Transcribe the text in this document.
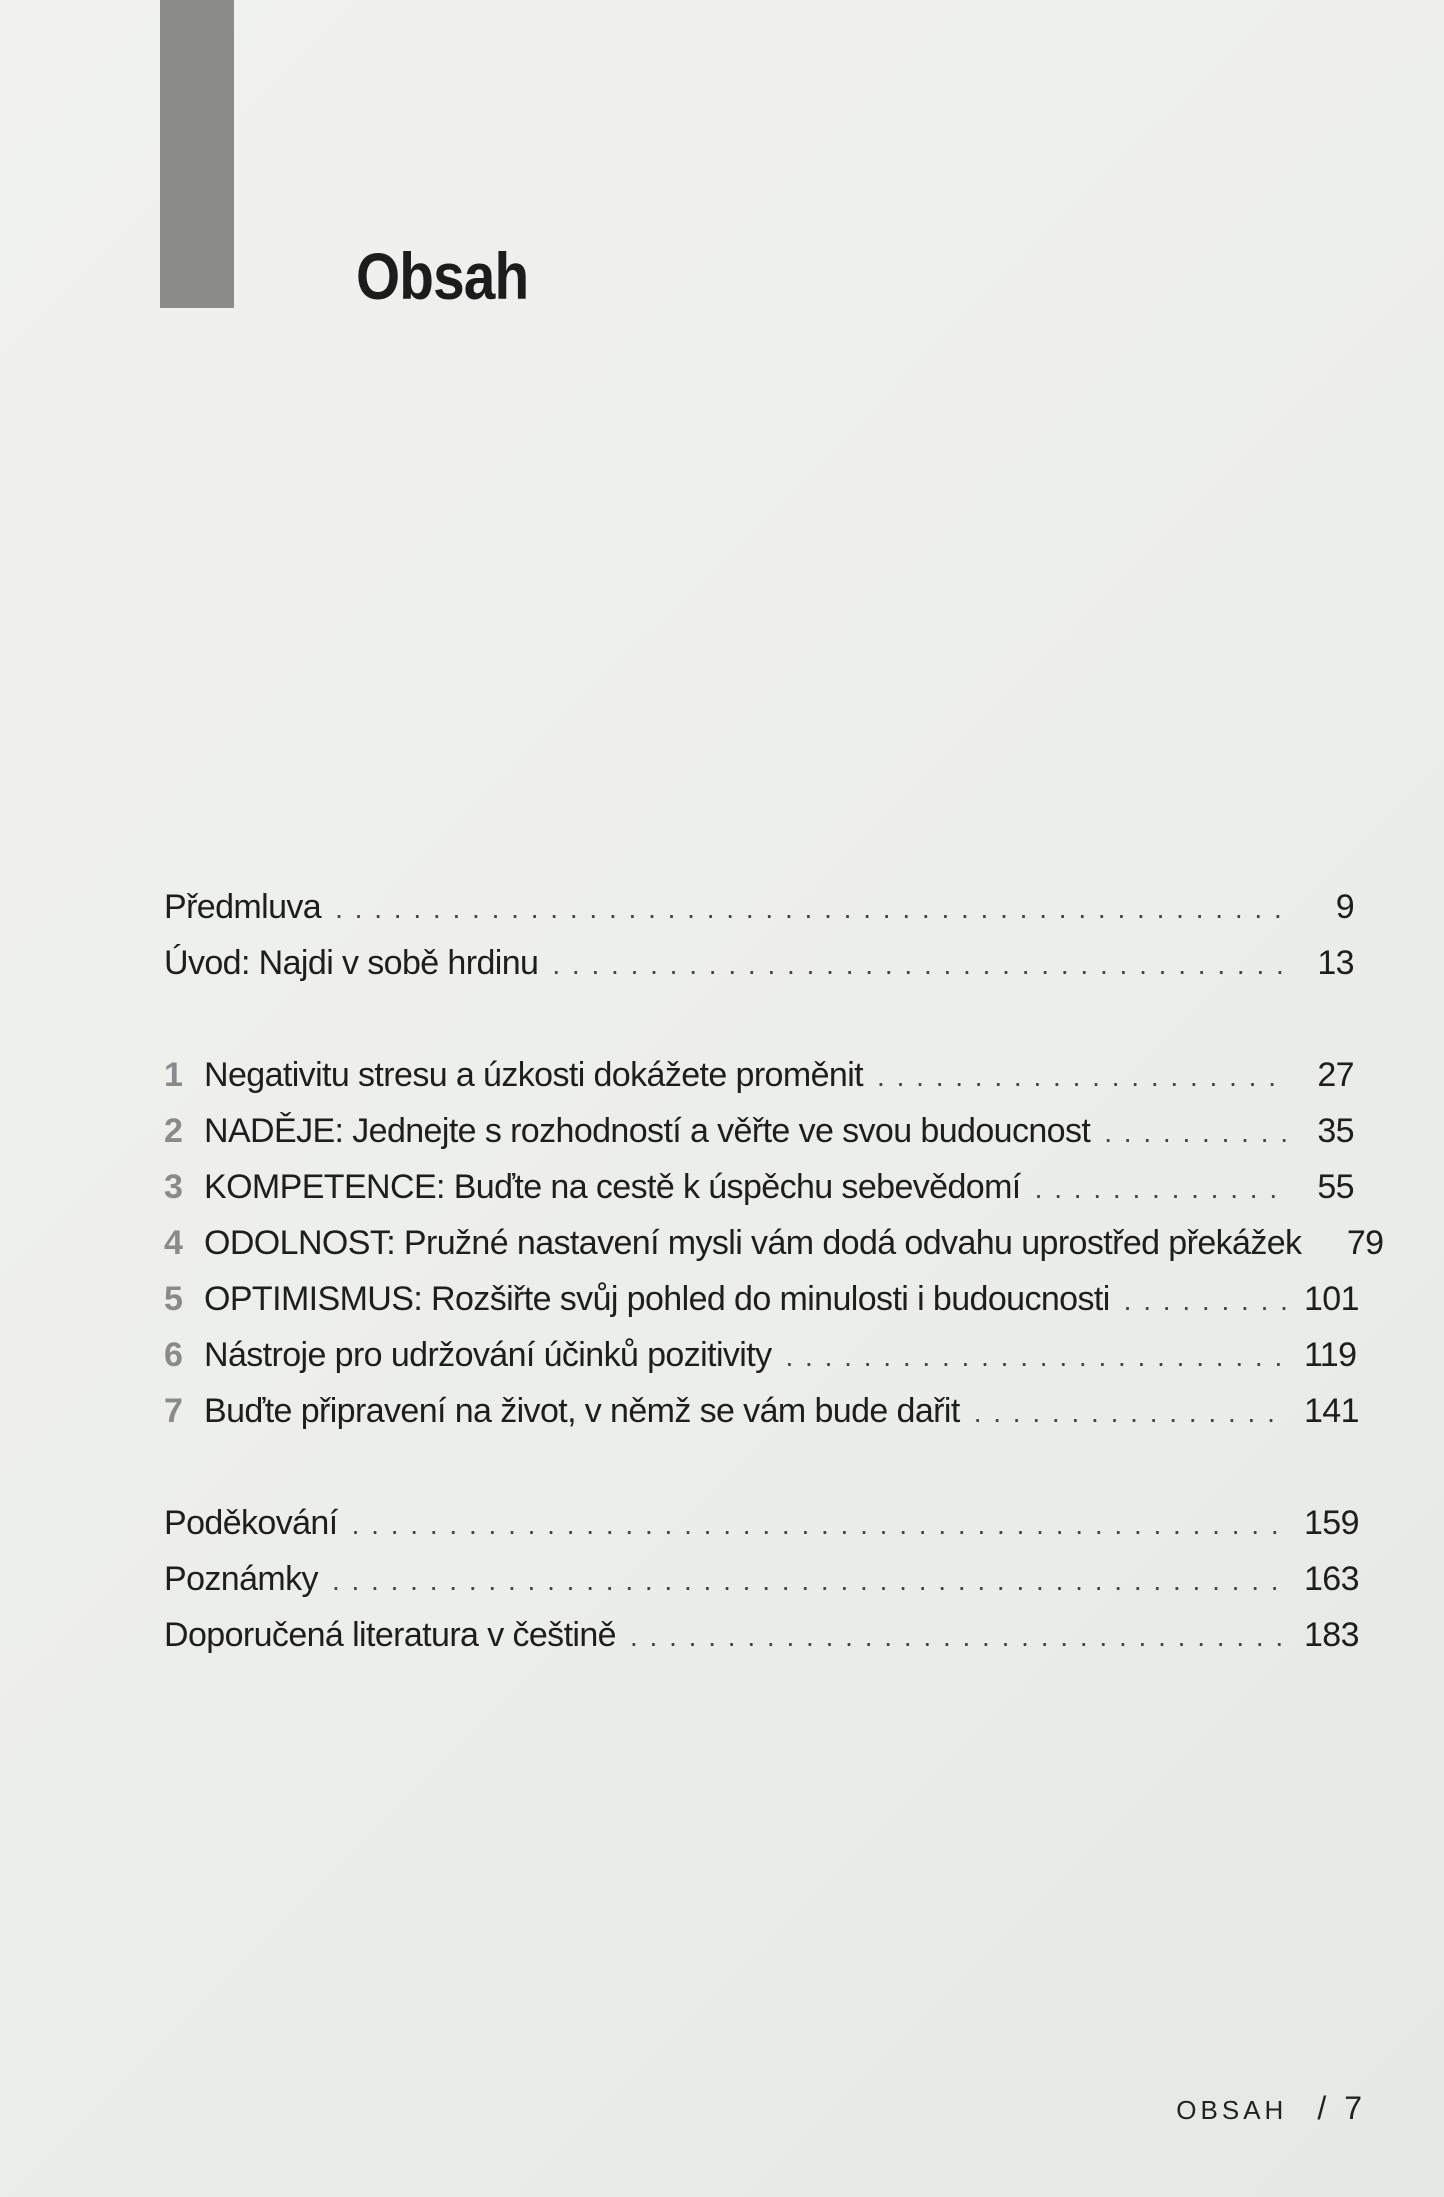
Obsah
Předmluva . . .	9
Úvod: Najdi v sobě hrdinu . . .	13
1 Negativitu stresu a úzkosti dokážete proměnit . . .	27
2 NADĚJE: Jednejte s rozhodností a věřte ve svou budoucnost . . .	35
3 KOMPETENCE: Buďte na cestě k úspěchu sebevědomí . . .	55
4 ODOLNOST: Pružné nastavení mysli vám dodá odvahu uprostřed překážek	79
5 OPTIMISMUS: Rozšiřte svůj pohled do minulosti i budoucnosti . . .	101
6 Nástroje pro udržování účinků pozitivity . . .	119
7 Buďte připravení na život, v němž se vám bude dařit . . .	141
Poděkování . . .	159
Poznámky . . .	163
Doporučená literatura v češtině . . .	183
OBSAH / 7
